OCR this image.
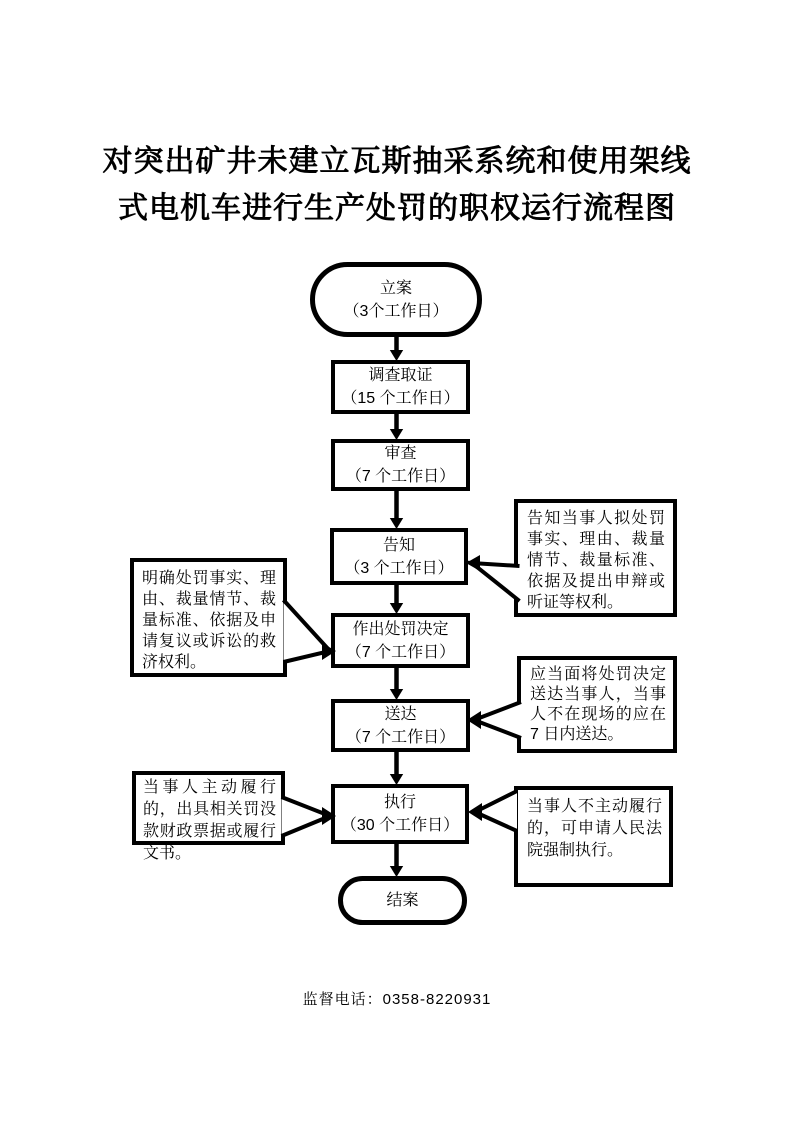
对突出矿井未建立瓦斯抽采系统和使用架线
式电机车进行生产处罚的职权运行流程图
立案
（3个工作日）
调查取证
（15 个工作日）
审查
（7 个工作日）
告知
（3 个工作日）
作出处罚决定
（7 个工作日）
送达
（7 个工作日）
执行
（30 个工作日）
结案
告知当事人拟处罚事实、理由、裁量情节、裁量标准、依据及提出申辩或听证等权利。
明确处罚事实、理由、裁量情节、裁量标准、依据及申请复议或诉讼的救济权利。
应当面将处罚决定送达当事人，当事人不在现场的应在 7 日内送达。
当事人主动履行的，出具相关罚没款财政票据或履行文书。
当事人不主动履行的，可申请人民法院强制执行。
监督电话：0358-8220931
